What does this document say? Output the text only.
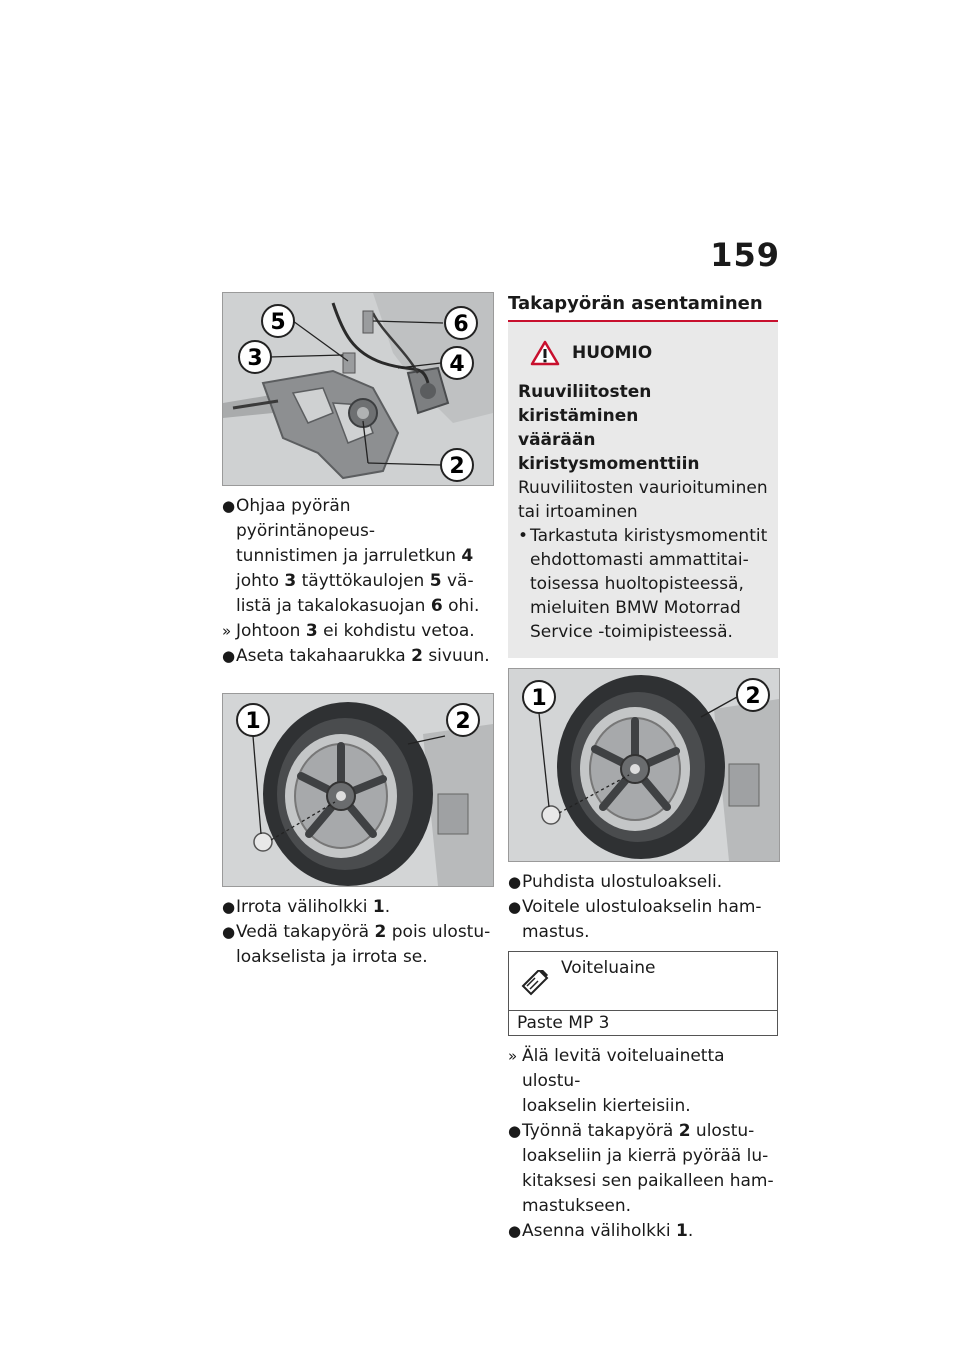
159
5	6
3	4
2
● Ohjaa pyörän pyörintänopeus-
tunnistimen ja jarruletkun 4
johto 3 täyttökaulojen 5 vä-
listä ja takalokasuojan 6 ohi.
» Johtoon 3 ei kohdistu vetoa.
● Aseta takahaarukka 2 sivuun.
1	2
● Irrota väliholkki 1.
● Vedä takapyörä 2 pois ulostu-
loakselista ja irrota se.
Takapyörän asentaminen
HUOMIO
Ruuviliitosten kiristäminen
väärään kiristysmomenttiin
Ruuviliitosten vaurioituminen
tai irtoaminen
• Tarkastuta kiristysmomentit
ehdottomasti ammattitai-
toisessa huoltopisteessä,
mieluiten BMW Motorrad
Service -toimipisteessä.
1	2
● Puhdista ulostuloakseli.
● Voitele ulostuloakselin ham-
mastus.
Voiteluaine
Paste MP 3
» Älä levitä voiteluainetta ulostu-
loakselin kierteisiin.
● Työnnä takapyörä 2 ulostu-
loakseliin ja kierrä pyörää lu-
kitaksesi sen paikalleen ham-
mastukseen.
● Asenna väliholkki 1.
